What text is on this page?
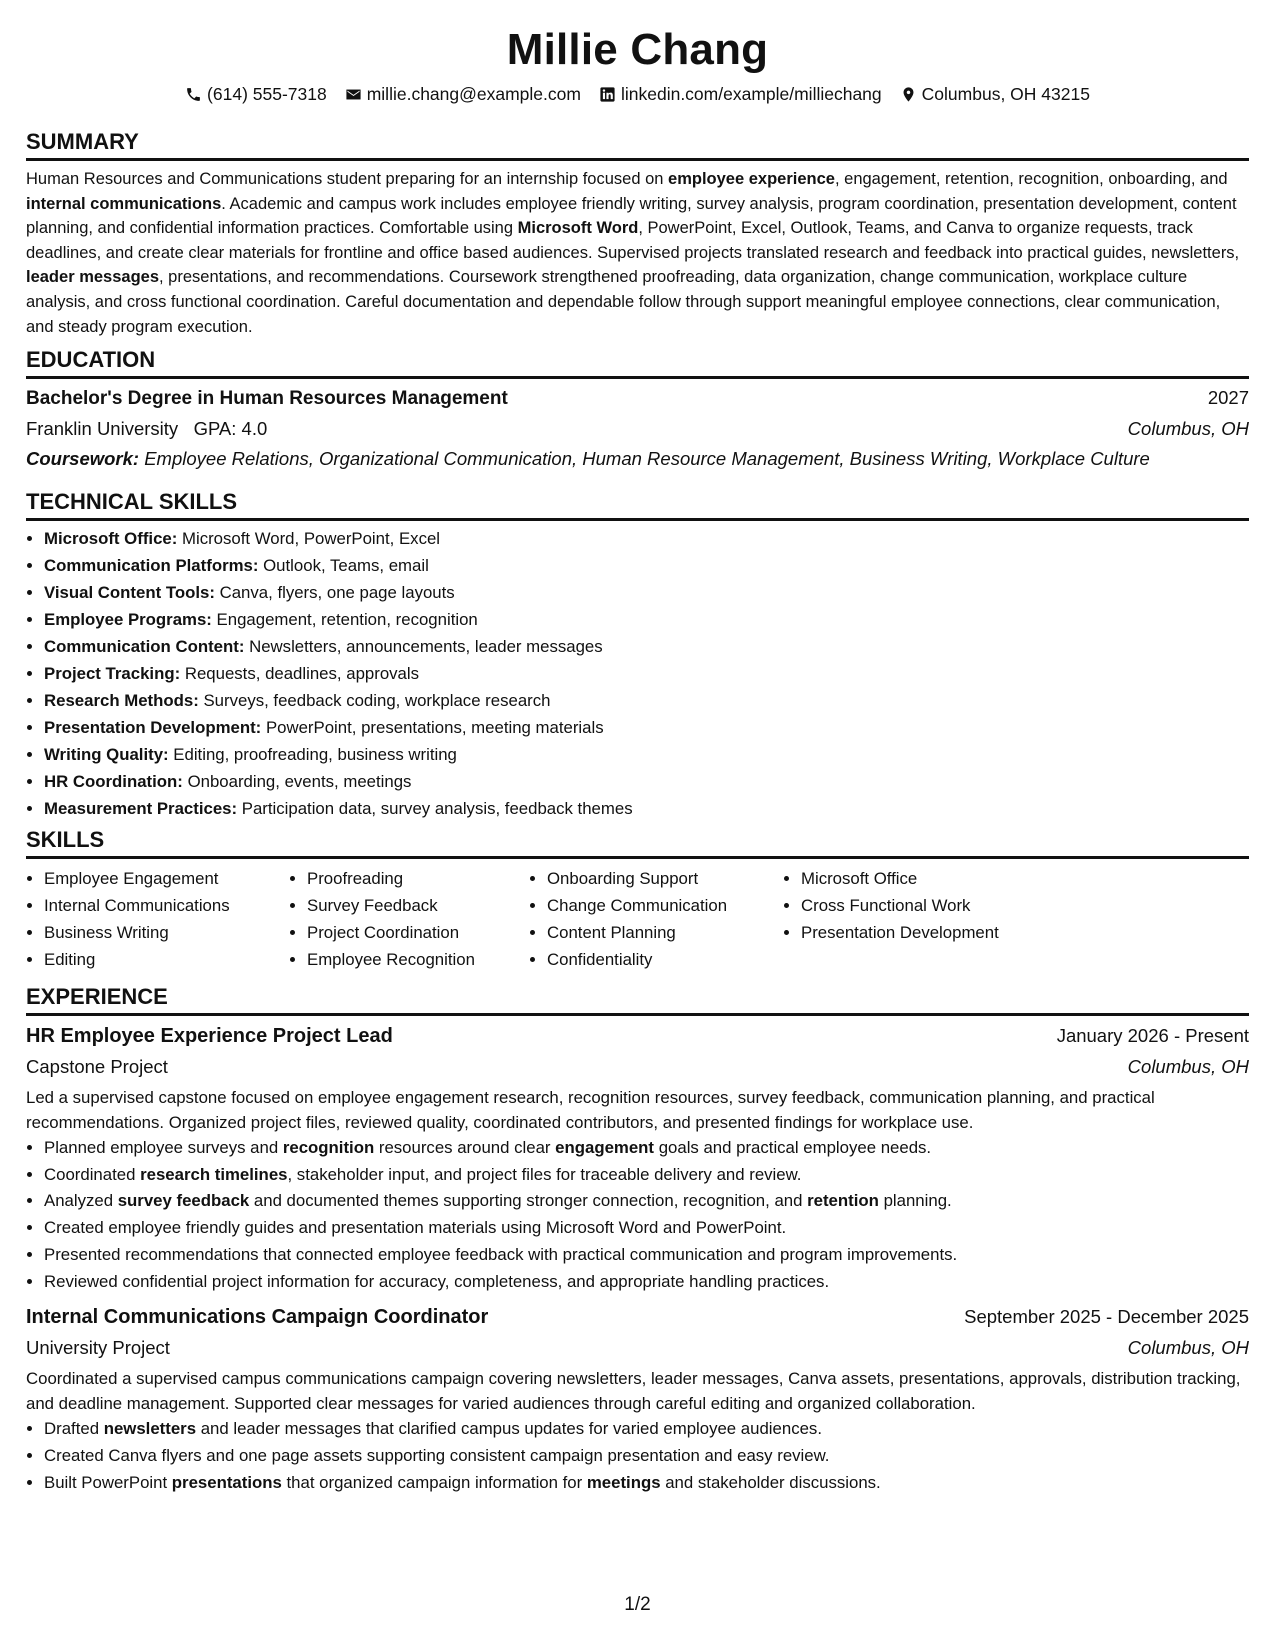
Millie Chang
(614) 555-7318 millie.chang@example.com linkedin.com/example/milliechang Columbus, OH 43215
SUMMARY

Human Resources and Communications student preparing for an internship focused on employee experience, engagement, retention, recognition, onboarding, and internal communications. Academic and campus work includes employee friendly writing, survey analysis, program coordination, presentation development, content planning, and confidential information practices. Comfortable using Microsoft Word, PowerPoint, Excel, Outlook, Teams, and Canva to organize requests, track deadlines, and create clear materials for frontline and office based audiences. Supervised projects translated research and feedback into practical guides, newsletters, leader messages, presentations, and recommendations. Coursework strengthened proofreading, data organization, change communication, workplace culture analysis, and cross functional coordination. Careful documentation and dependable follow through support meaningful employee connections, clear communication, and steady program execution.

EDUCATION
Bachelor's Degree in Human Resources Management	2027
Franklin University GPA: 4.0	Columbus, OH
Coursework: Employee Relations, Organizational Communication, Human Resource Management, Business Writing, Workplace Culture
TECHNICAL SKILLS
• Microsoft Office: Microsoft Word, PowerPoint, Excel
• Communication Platforms: Outlook, Teams, email
• Visual Content Tools: Canva, flyers, one page layouts
• Employee Programs: Engagement, retention, recognition
• Communication Content: Newsletters, announcements, leader messages
• Project Tracking: Requests, deadlines, approvals
• Research Methods: Surveys, feedback coding, workplace research
• Presentation Development: PowerPoint, presentations, meeting materials
• Writing Quality: Editing, proofreading, business writing
• HR Coordination: Onboarding, events, meetings
• Measurement Practices: Participation data, survey analysis, feedback themes
SKILLS
• Employee Engagement
• Internal Communications
• Business Writing
• Editing
• Proofreading
• Survey Feedback
• Project Coordination
• Employee Recognition
• Onboarding Support
• Change Communication
• Content Planning
• Confidentiality
• Microsoft Office
• Cross Functional Work
• Presentation Development
EXPERIENCE
HR Employee Experience Project Lead	January 2026 - Present
Capstone Project	Columbus, OH

Led a supervised capstone focused on employee engagement research, recognition resources, survey feedback, communication planning, and practical recommendations. Organized project files, reviewed quality, coordinated contributors, and presented findings for workplace use.

• Planned employee surveys and recognition resources around clear engagement goals and practical employee needs.
• Coordinated research timelines, stakeholder input, and project files for traceable delivery and review.
• Analyzed survey feedback and documented themes supporting stronger connection, recognition, and retention planning.
• Created employee friendly guides and presentation materials using Microsoft Word and PowerPoint.
• Presented recommendations that connected employee feedback with practical communication and program improvements.
• Reviewed confidential project information for accuracy, completeness, and appropriate handling practices.
Internal Communications Campaign Coordinator	September 2025 - December 2025
University Project	Columbus, OH

Coordinated a supervised campus communications campaign covering newsletters, leader messages, Canva assets, presentations, approvals, distribution tracking, and deadline management. Supported clear messages for varied audiences through careful editing and organized collaboration.

• Drafted newsletters and leader messages that clarified campus updates for varied employee audiences.
• Created Canva flyers and one page assets supporting consistent campaign presentation and easy review.
• Built PowerPoint presentations that organized campaign information for meetings and stakeholder discussions.
1/2
